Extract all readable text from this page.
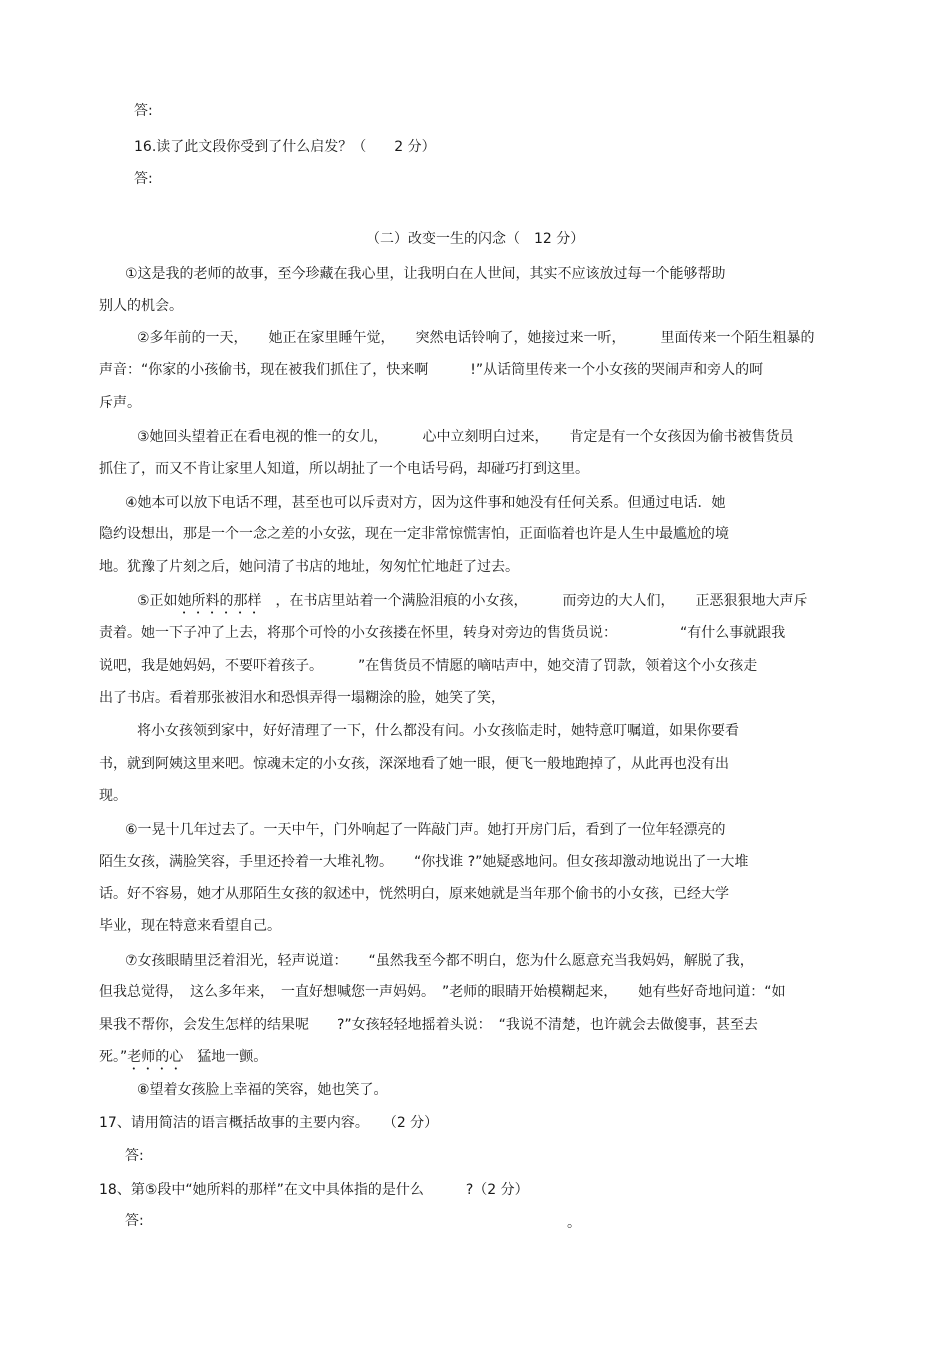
答:
16.读了此文段你受到了什么启发？（　　2 分）
答:
（二）改变一生的闪念（　12 分）
①这是我的老师的故事，至今珍藏在我心里，让我明白在人世间，其实不应该放过每一个能够帮助
别人的机会。
②多年前的一天，　　她正在家里睡午觉，　　突然电话铃响了，她接过来一听，　　　里面传来一个陌生粗暴的
声音：“你家的小孩偷书，现在被我们抓住了，快来啊　　　!”从话筒里传来一个小女孩的哭闹声和旁人的呵
斥声。
③她回头望着正在看电视的惟一的女儿，　　　心中立刻明白过来，　　肯定是有一个女孩因为偷书被售货员
抓住了，而又不肯让家里人知道，所以胡扯了一个电话号码，却碰巧打到这里。
④她本可以放下电话不理，甚至也可以斥责对方，因为这件事和她没有任何关系。但通过电话．她
隐约设想出，那是一个一念之差的小女弦，现在一定非常惊慌害怕，正面临着也许是人生中最尴尬的境
地。犹豫了片刻之后，她问清了书店的地址，匆匆忙忙地赶了过去。
⑤正如她所料的那样　，在书店里站着一个满脸泪痕的小女孩，　　　而旁边的大人们，　　正恶狠狠地大声斥
责着。她一下子冲了上去，将那个可怜的小女孩搂在怀里，转身对旁边的售货员说：　　　　　“有什么事就跟我
说吧，我是她妈妈，不要吓着孩子。　　　”在售货员不情愿的嘀咕声中，她交清了罚款，领着这个小女孩走
出了书店。看着那张被泪水和恐惧弄得一塌糊涂的脸，她笑了笑，
将小女孩领到家中，好好清理了一下，什么都没有问。小女孩临走时，她特意叮嘱道，如果你要看
书，就到阿姨这里来吧。惊魂未定的小女孩，深深地看了她一眼，便飞一般地跑掉了，从此再也没有出
现。
⑥一晃十几年过去了。一天中午，门外响起了一阵敲门声。她打开房门后，看到了一位年轻漂亮的
陌生女孩，满脸笑容，手里还拎着一大堆礼物。　　“你找谁 ?”她疑惑地问。但女孩却激动地说出了一大堆
话。好不容易，她才从那陌生女孩的叙述中，恍然明白，原来她就是当年那个偷书的小女孩，已经大学
毕业，现在特意来看望自己。
⑦女孩眼睛里泛着泪光，轻声说道：　　“虽然我至今都不明白，您为什么愿意充当我妈妈，解脱了我，
但我总觉得，　这么多年来，　一直好想喊您一声妈妈。　”老师的眼睛开始模糊起来，　　她有些好奇地问道：“如
果我不帮你，会发生怎样的结果呢　　?”女孩轻轻地摇着头说：　“我说不清楚，也许就会去做傻事，甚至去
死。”老师的心　猛地一颤。
⑧望着女孩脸上幸福的笑容，她也笑了。
17、请用简洁的语言概括故事的主要内容。　　（2 分）
答:
18、第⑤段中“她所料的那样”在文中具体指的是什么　　　?（2 分）
答:	。
